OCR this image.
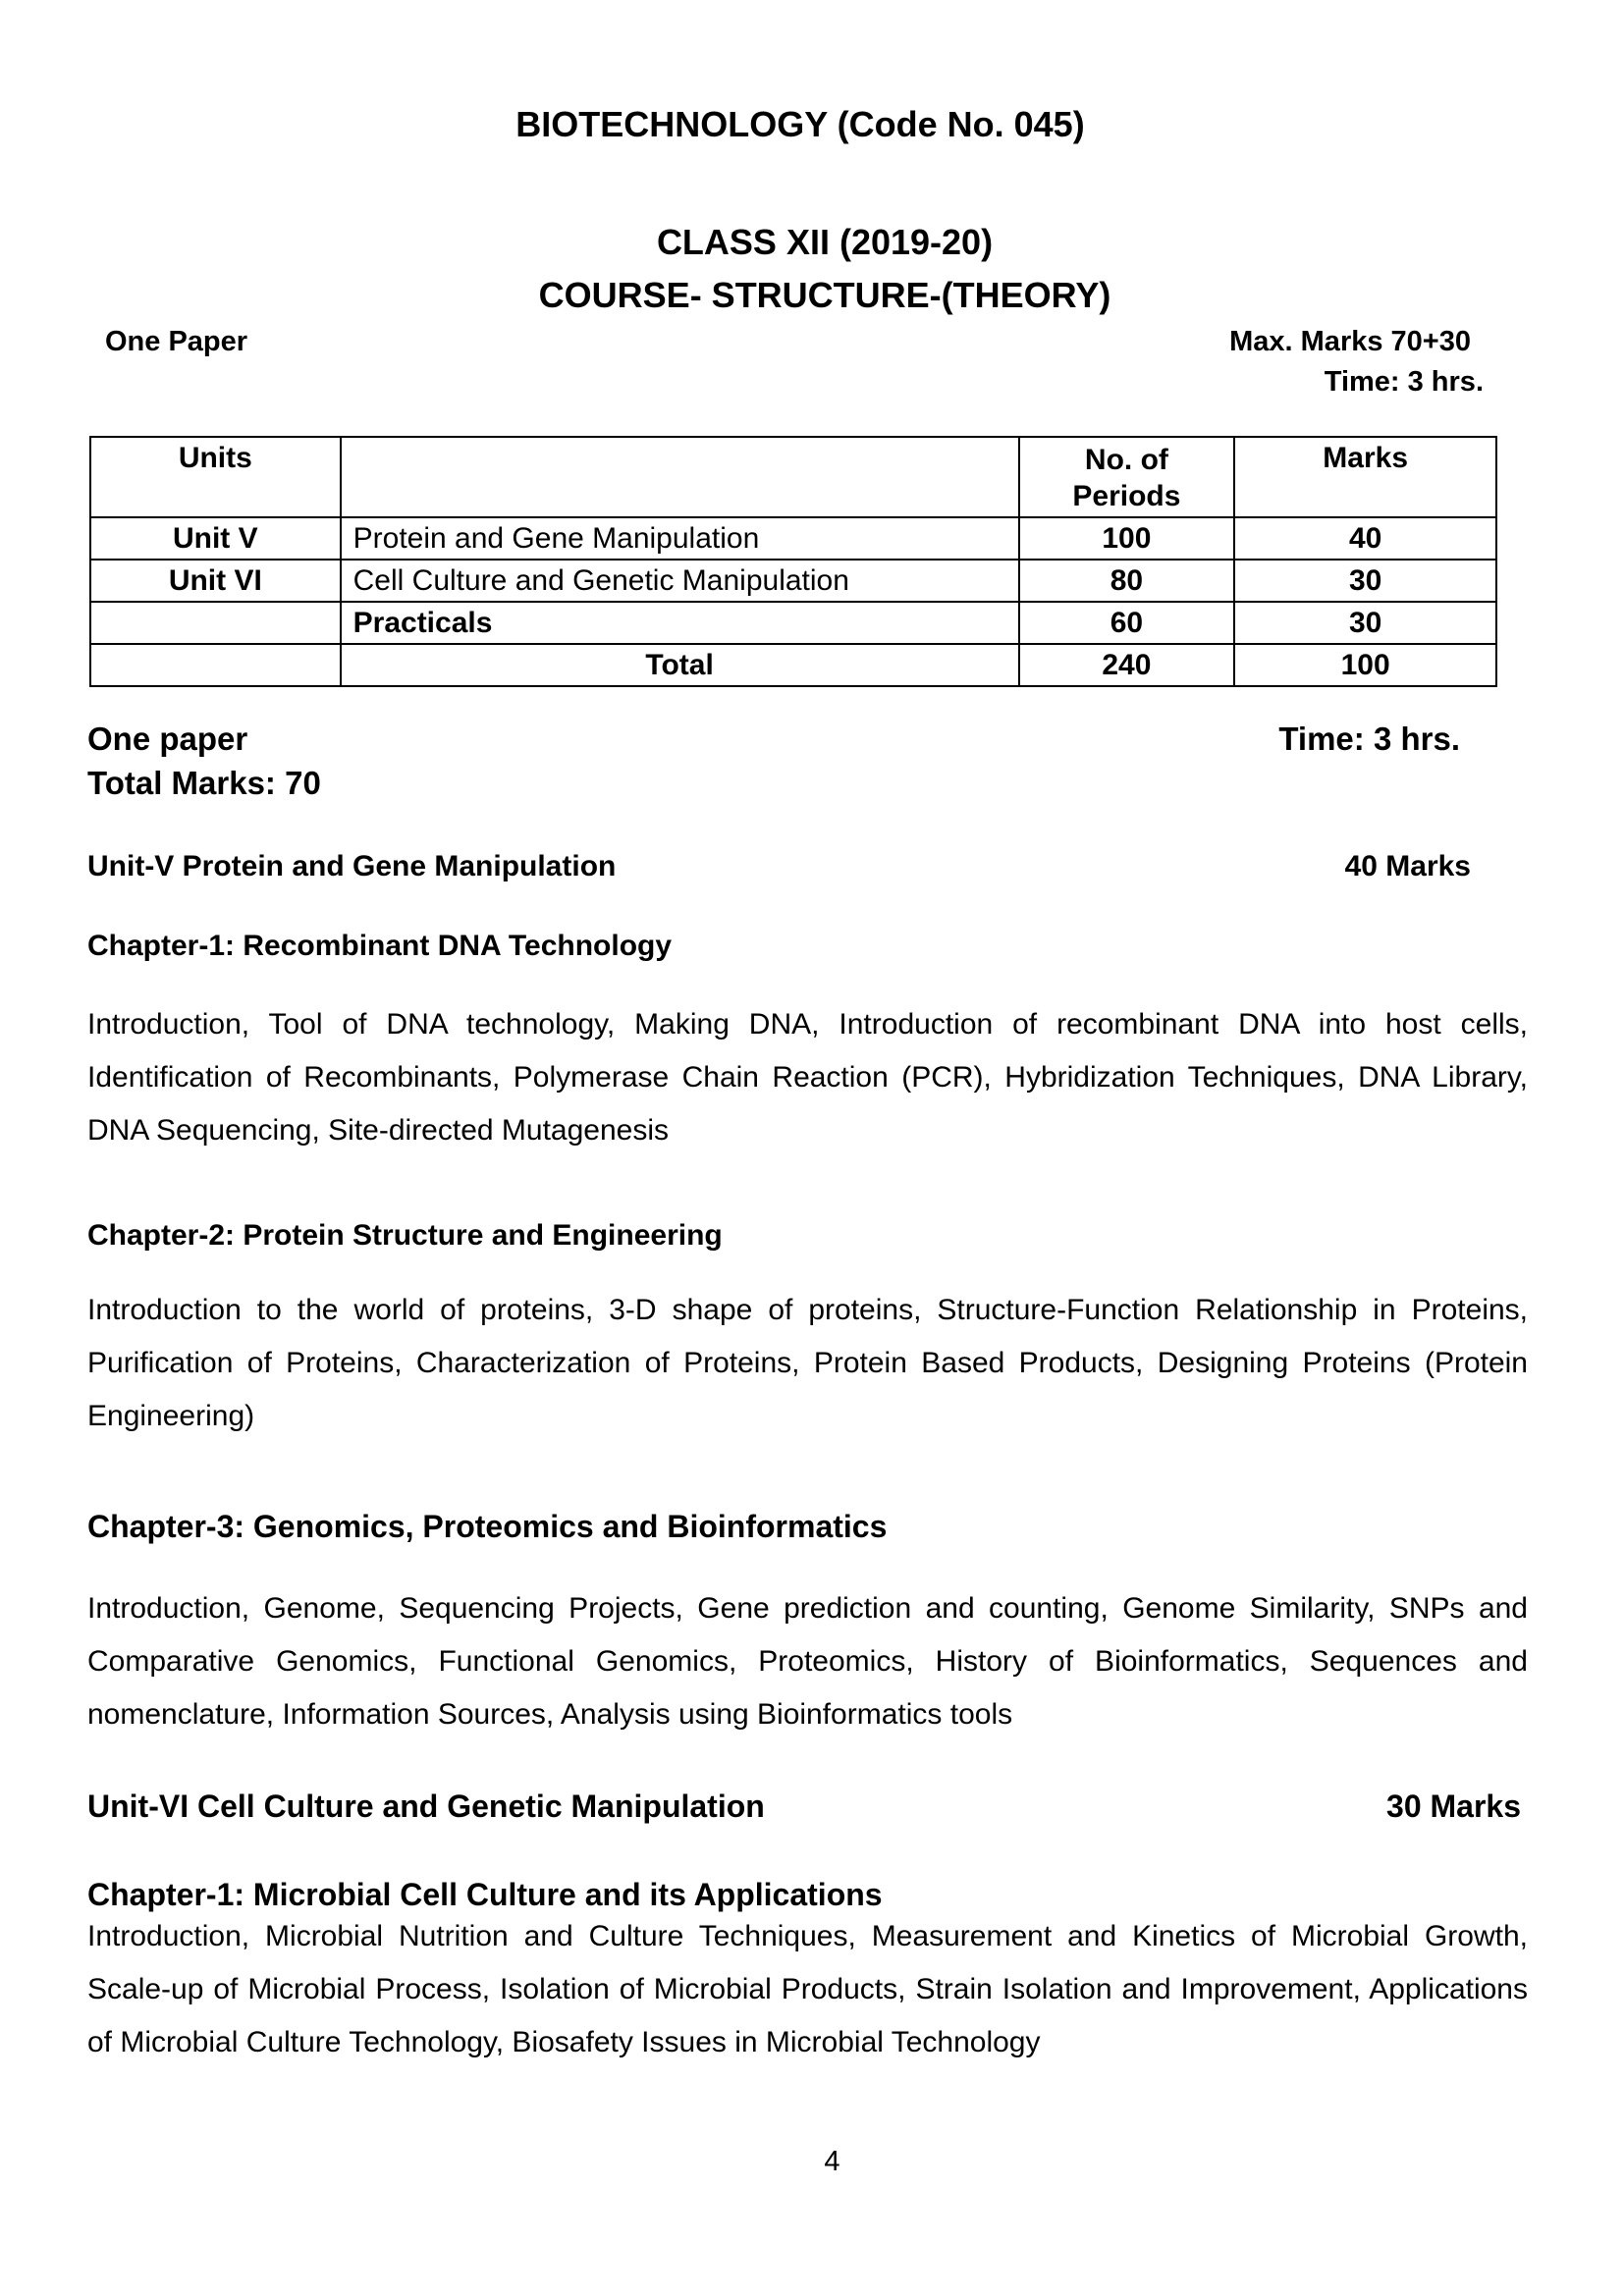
BIOTECHNOLOGY (Code No. 045)
CLASS XII (2019-20)
COURSE- STRUCTURE-(THEORY)
One Paper	Max. Marks 70+30
Time: 3 hrs.
Units		No. of Periods	Marks
Unit V	Protein and Gene Manipulation	100	40
Unit VI	Cell Culture and Genetic Manipulation	80	30
	Practicals	60	30
	Total	240	100
One paper	Time: 3 hrs.
Total Marks: 70
Unit-V Protein and Gene Manipulation	40 Marks
Chapter-1: Recombinant DNA Technology
Introduction, Tool of DNA technology, Making DNA, Introduction of recombinant DNA into host cells, Identification of Recombinants, Polymerase Chain Reaction (PCR), Hybridization Techniques, DNA Library, DNA Sequencing, Site-directed Mutagenesis
Chapter-2: Protein Structure and Engineering
Introduction to the world of proteins, 3-D shape of proteins, Structure-Function Relationship in Proteins, Purification of Proteins, Characterization of Proteins, Protein Based Products, Designing Proteins (Protein Engineering)
Chapter-3: Genomics, Proteomics and Bioinformatics
Introduction, Genome, Sequencing Projects, Gene prediction and counting, Genome Similarity, SNPs and Comparative Genomics, Functional Genomics, Proteomics, History of Bioinformatics, Sequences and nomenclature, Information Sources, Analysis using Bioinformatics tools
Unit-VI Cell Culture and Genetic Manipulation	30 Marks
Chapter-1: Microbial Cell Culture and its Applications
Introduction, Microbial Nutrition and Culture Techniques, Measurement and Kinetics of Microbial Growth, Scale-up of Microbial Process, Isolation of Microbial Products, Strain Isolation and Improvement, Applications of Microbial Culture Technology, Biosafety Issues in Microbial Technology
4
